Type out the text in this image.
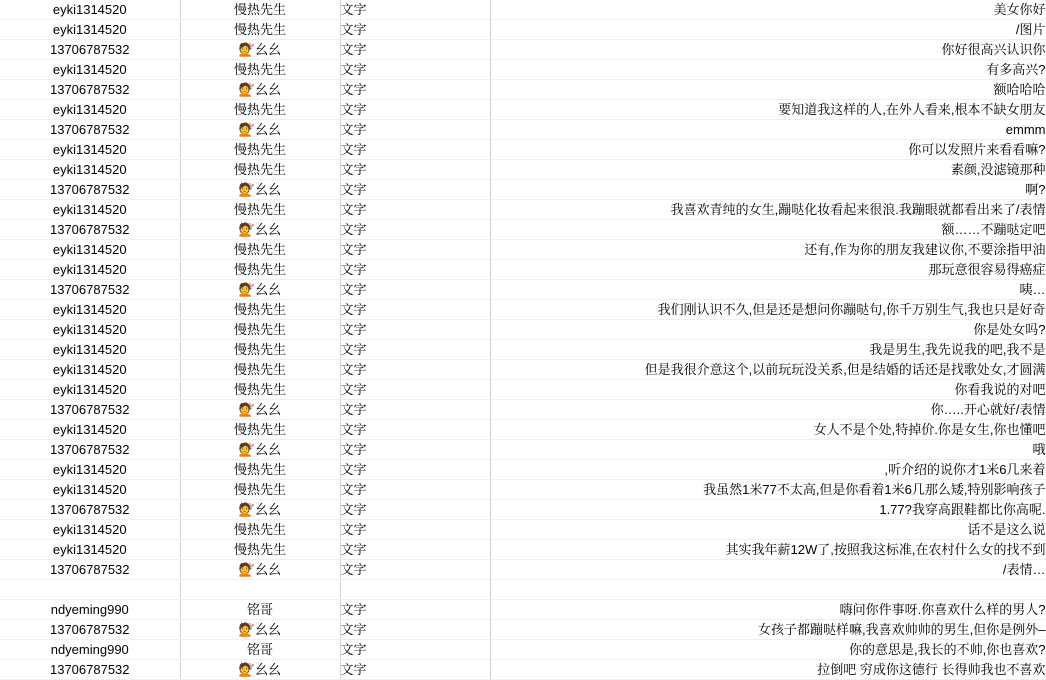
eyki1314520	慢热先生	文字	美女你好

eyki1314520	慢热先生	文字	/图片

13706787532	💇幺幺	文字	你好很高兴认识你

eyki1314520	慢热先生	文字	有多高兴?

13706787532	💇幺幺	文字	额哈哈哈

eyki1314520	慢热先生	文字	要知道我这样的人,在外人看来,根本不缺女朋友

13706787532	💇幺幺	文字	emmm

eyki1314520	慢热先生	文字	你可以发照片来看看嘛?

eyki1314520	慢热先生	文字	素颜,没滤镜那种

13706787532	💇幺幺	文字	啊?

eyki1314520	慢热先生	文字	我喜欢青纯的女生,蹦哒化妆看起来很浪.我蹦眼就都看出来了/表情

13706787532	💇幺幺	文字	额……不蹦哒定吧

eyki1314520	慢热先生	文字	还有,作为你的朋友我建议你,不要涂指甲油

eyki1314520	慢热先生	文字	那玩意很容易得癌症

13706787532	💇幺幺	文字	咦…

eyki1314520	慢热先生	文字	我们刚认识不久,但是还是想问你蹦哒句,你千万别生气,我也只是好奇

eyki1314520	慢热先生	文字	你是处女吗?

eyki1314520	慢热先生	文字	我是男生,我先说我的吧,我不是

eyki1314520	慢热先生	文字	但是我很介意这个,以前玩玩没关系,但是结婚的话还是找歌处女,才圆满

eyki1314520	慢热先生	文字	你看我说的对吧

13706787532	💇幺幺	文字	你…..开心就好/表情

eyki1314520	慢热先生	文字	女人不是个处,特掉价.你是女生,你也懂吧

13706787532	💇幺幺	文字	哦

eyki1314520	慢热先生	文字	,听介绍的说你才1米6几来着

eyki1314520	慢热先生	文字	我虽然1米77不太高,但是你看着1米6几那么矮,特别影响孩子

13706787532	💇幺幺	文字	1.77?我穿高跟鞋都比你高呢.

eyki1314520	慢热先生	文字	话不是这么说

eyki1314520	慢热先生	文字	其实我年薪12W了,按照我这标准,在农村什么女的找不到

13706787532	💇幺幺	文字	/表情…

ndyeming990	铭哥	文字	嗨问你件事呀.你喜欢什么样的男人?

13706787532	💇幺幺	文字	女孩子都蹦哒样嘛,我喜欢帅帅的男生,但你是例外–

ndyeming990	铭哥	文字	你的意思是,我长的不帅,你也喜欢?

13706787532	💇幺幺	文字	拉倒吧 穷成你这德行 长得帅我也不喜欢
